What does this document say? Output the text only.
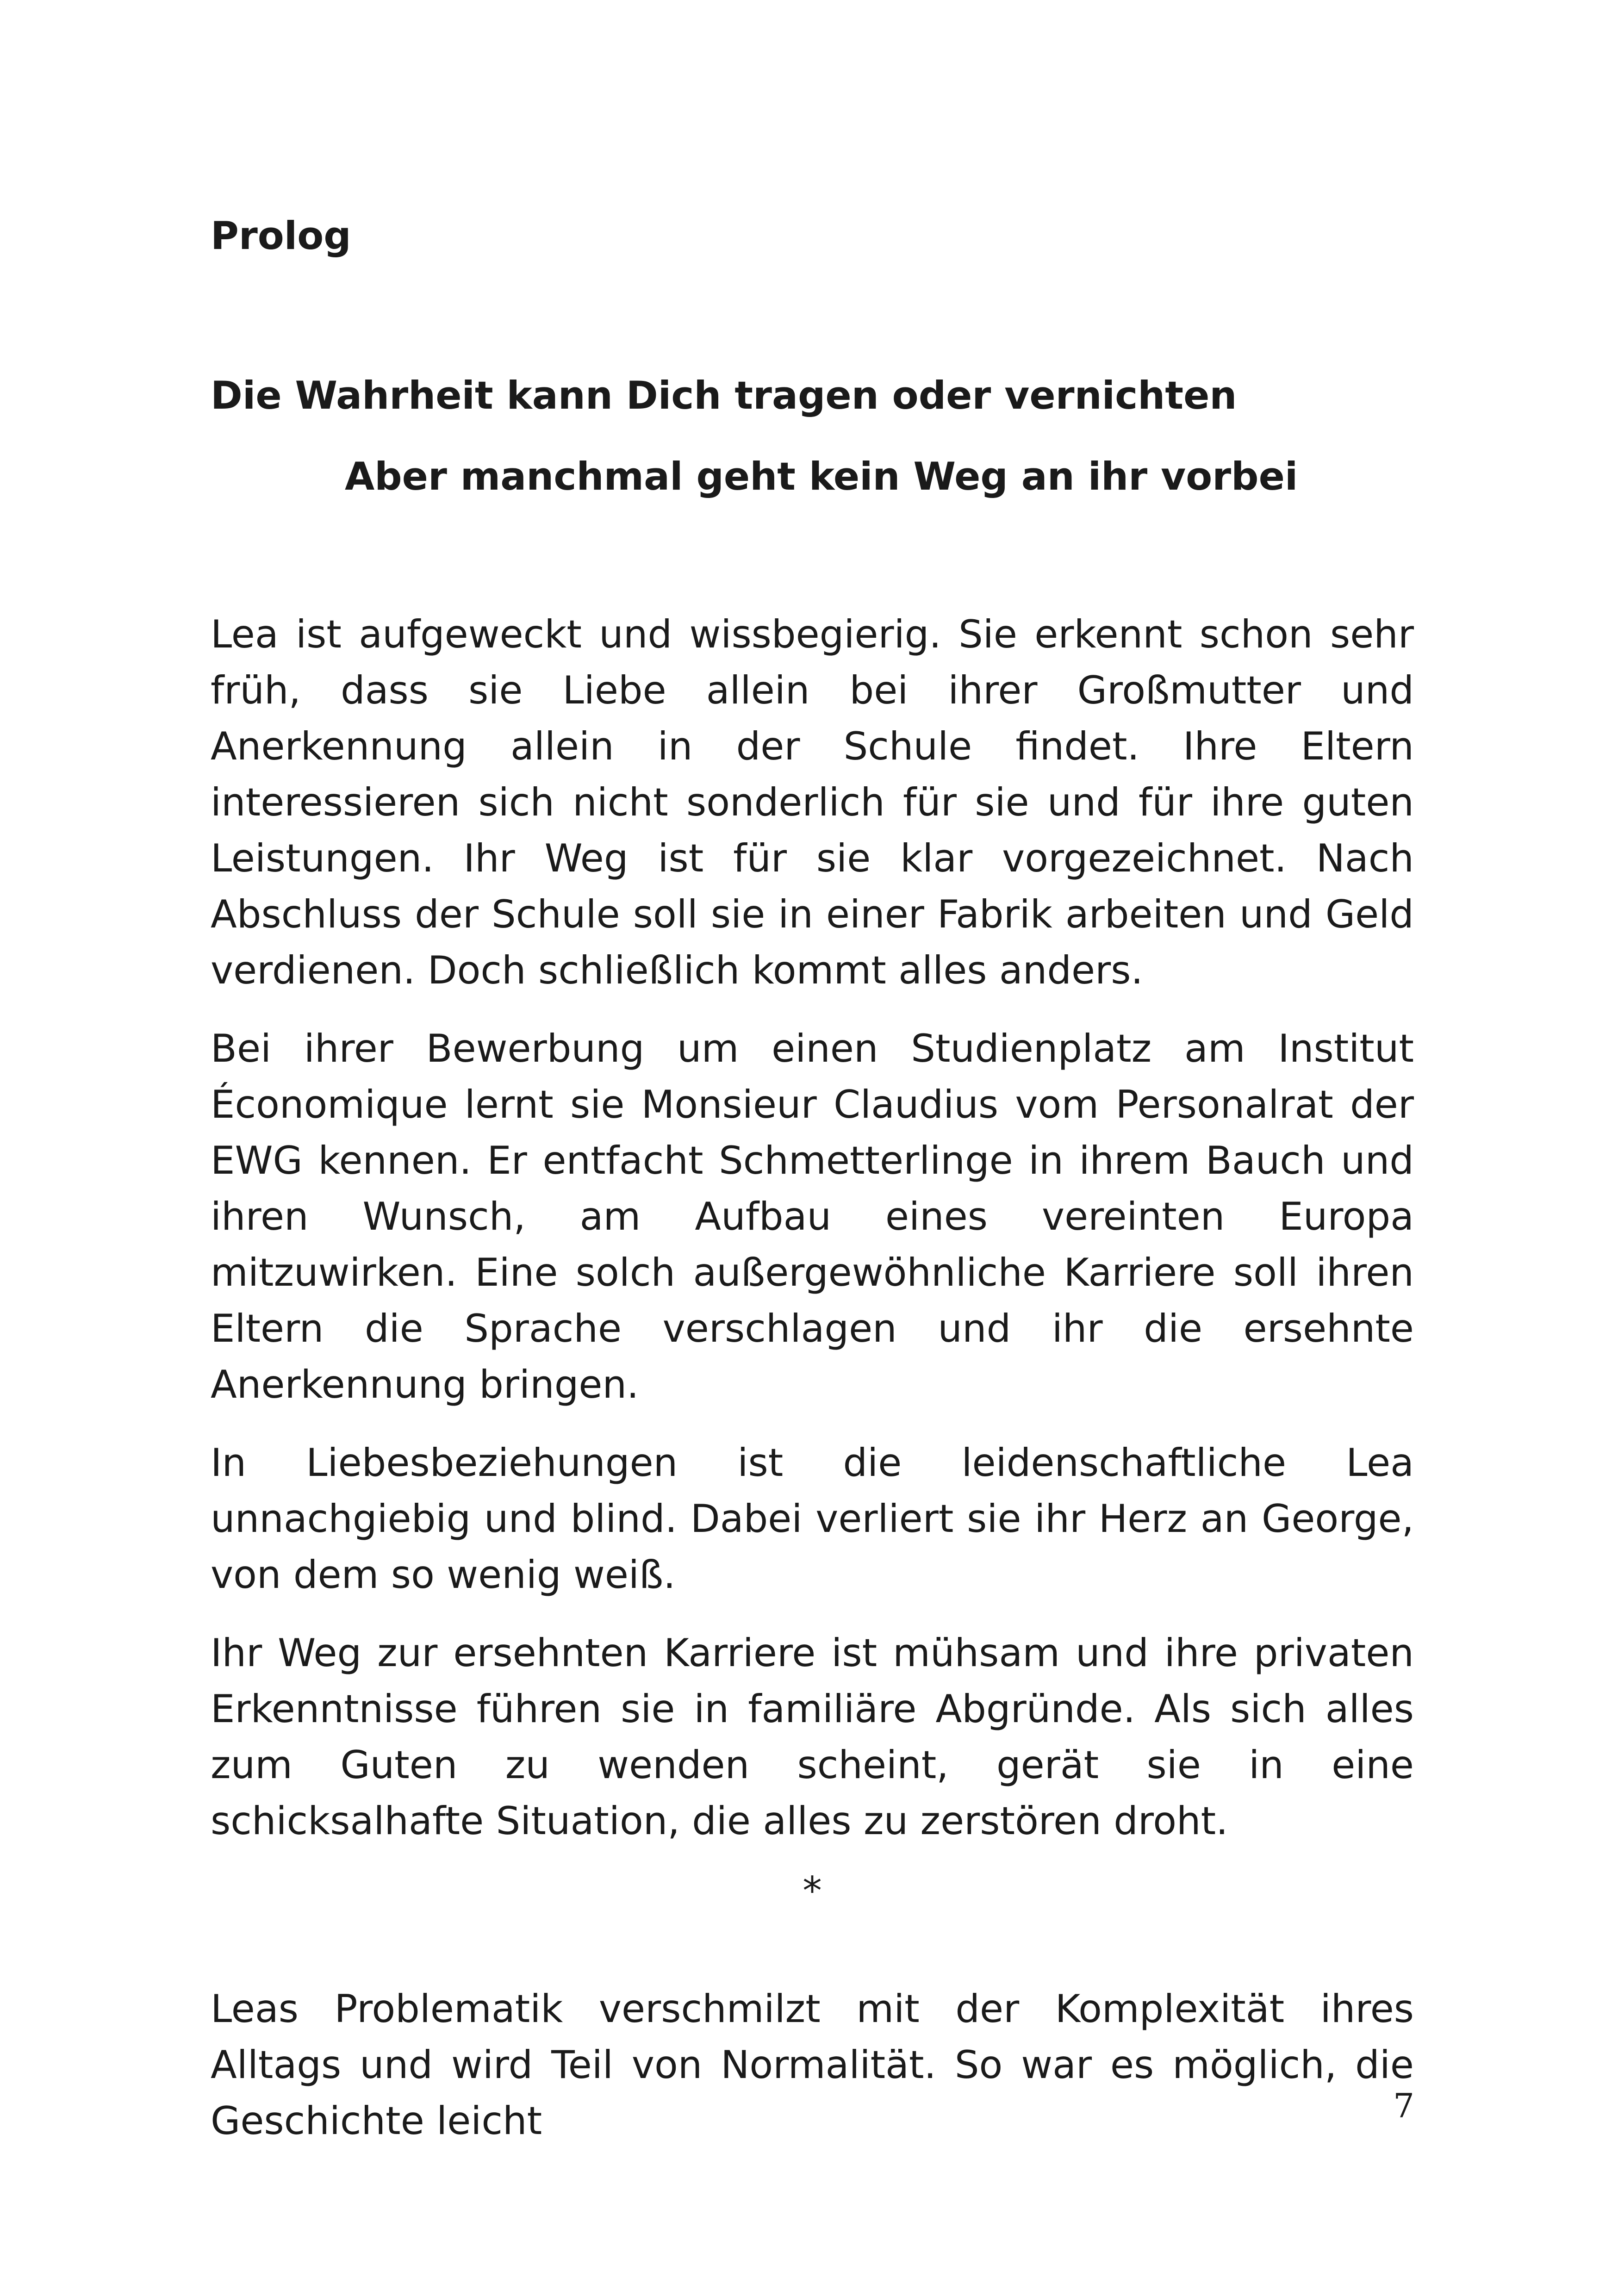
Prolog
Die Wahrheit kann Dich tragen oder vernichten
Aber manchmal geht kein Weg an ihr vorbei

Lea ist aufgeweckt und wissbegierig. Sie erkennt schon sehr früh, dass sie Liebe allein bei ihrer Großmutter und Anerkennung allein in der Schule findet. Ihre Eltern interessieren sich nicht sonderlich für sie und für ihre guten Leistungen. Ihr Weg ist für sie klar vorgezeichnet. Nach Abschluss der Schule soll sie in einer Fabrik arbeiten und Geld verdienen. Doch schließlich kommt alles anders.

Bei ihrer Bewerbung um einen Studienplatz am Institut Économique lernt sie Monsieur Claudius vom Personalrat der EWG kennen. Er entfacht Schmetterlinge in ihrem Bauch und ihren Wunsch, am Aufbau eines vereinten Europa mitzuwirken. Eine solch außergewöhnliche Karriere soll ihren Eltern die Sprache verschlagen und ihr die ersehnte Anerkennung bringen.

In Liebesbeziehungen ist die leidenschaftliche Lea unnachgiebig und blind. Dabei verliert sie ihr Herz an George, von dem so wenig weiß.

Ihr Weg zur ersehnten Karriere ist mühsam und ihre privaten Erkenntnisse führen sie in familiäre Abgründe. Als sich alles zum Guten zu wenden scheint, gerät sie in eine schicksalhafte Situation, die alles zu zerstören droht.

*

Leas Problematik verschmilzt mit der Komplexität ihres Alltags und wird Teil von Normalität. So war es möglich, die Geschichte leicht	7
